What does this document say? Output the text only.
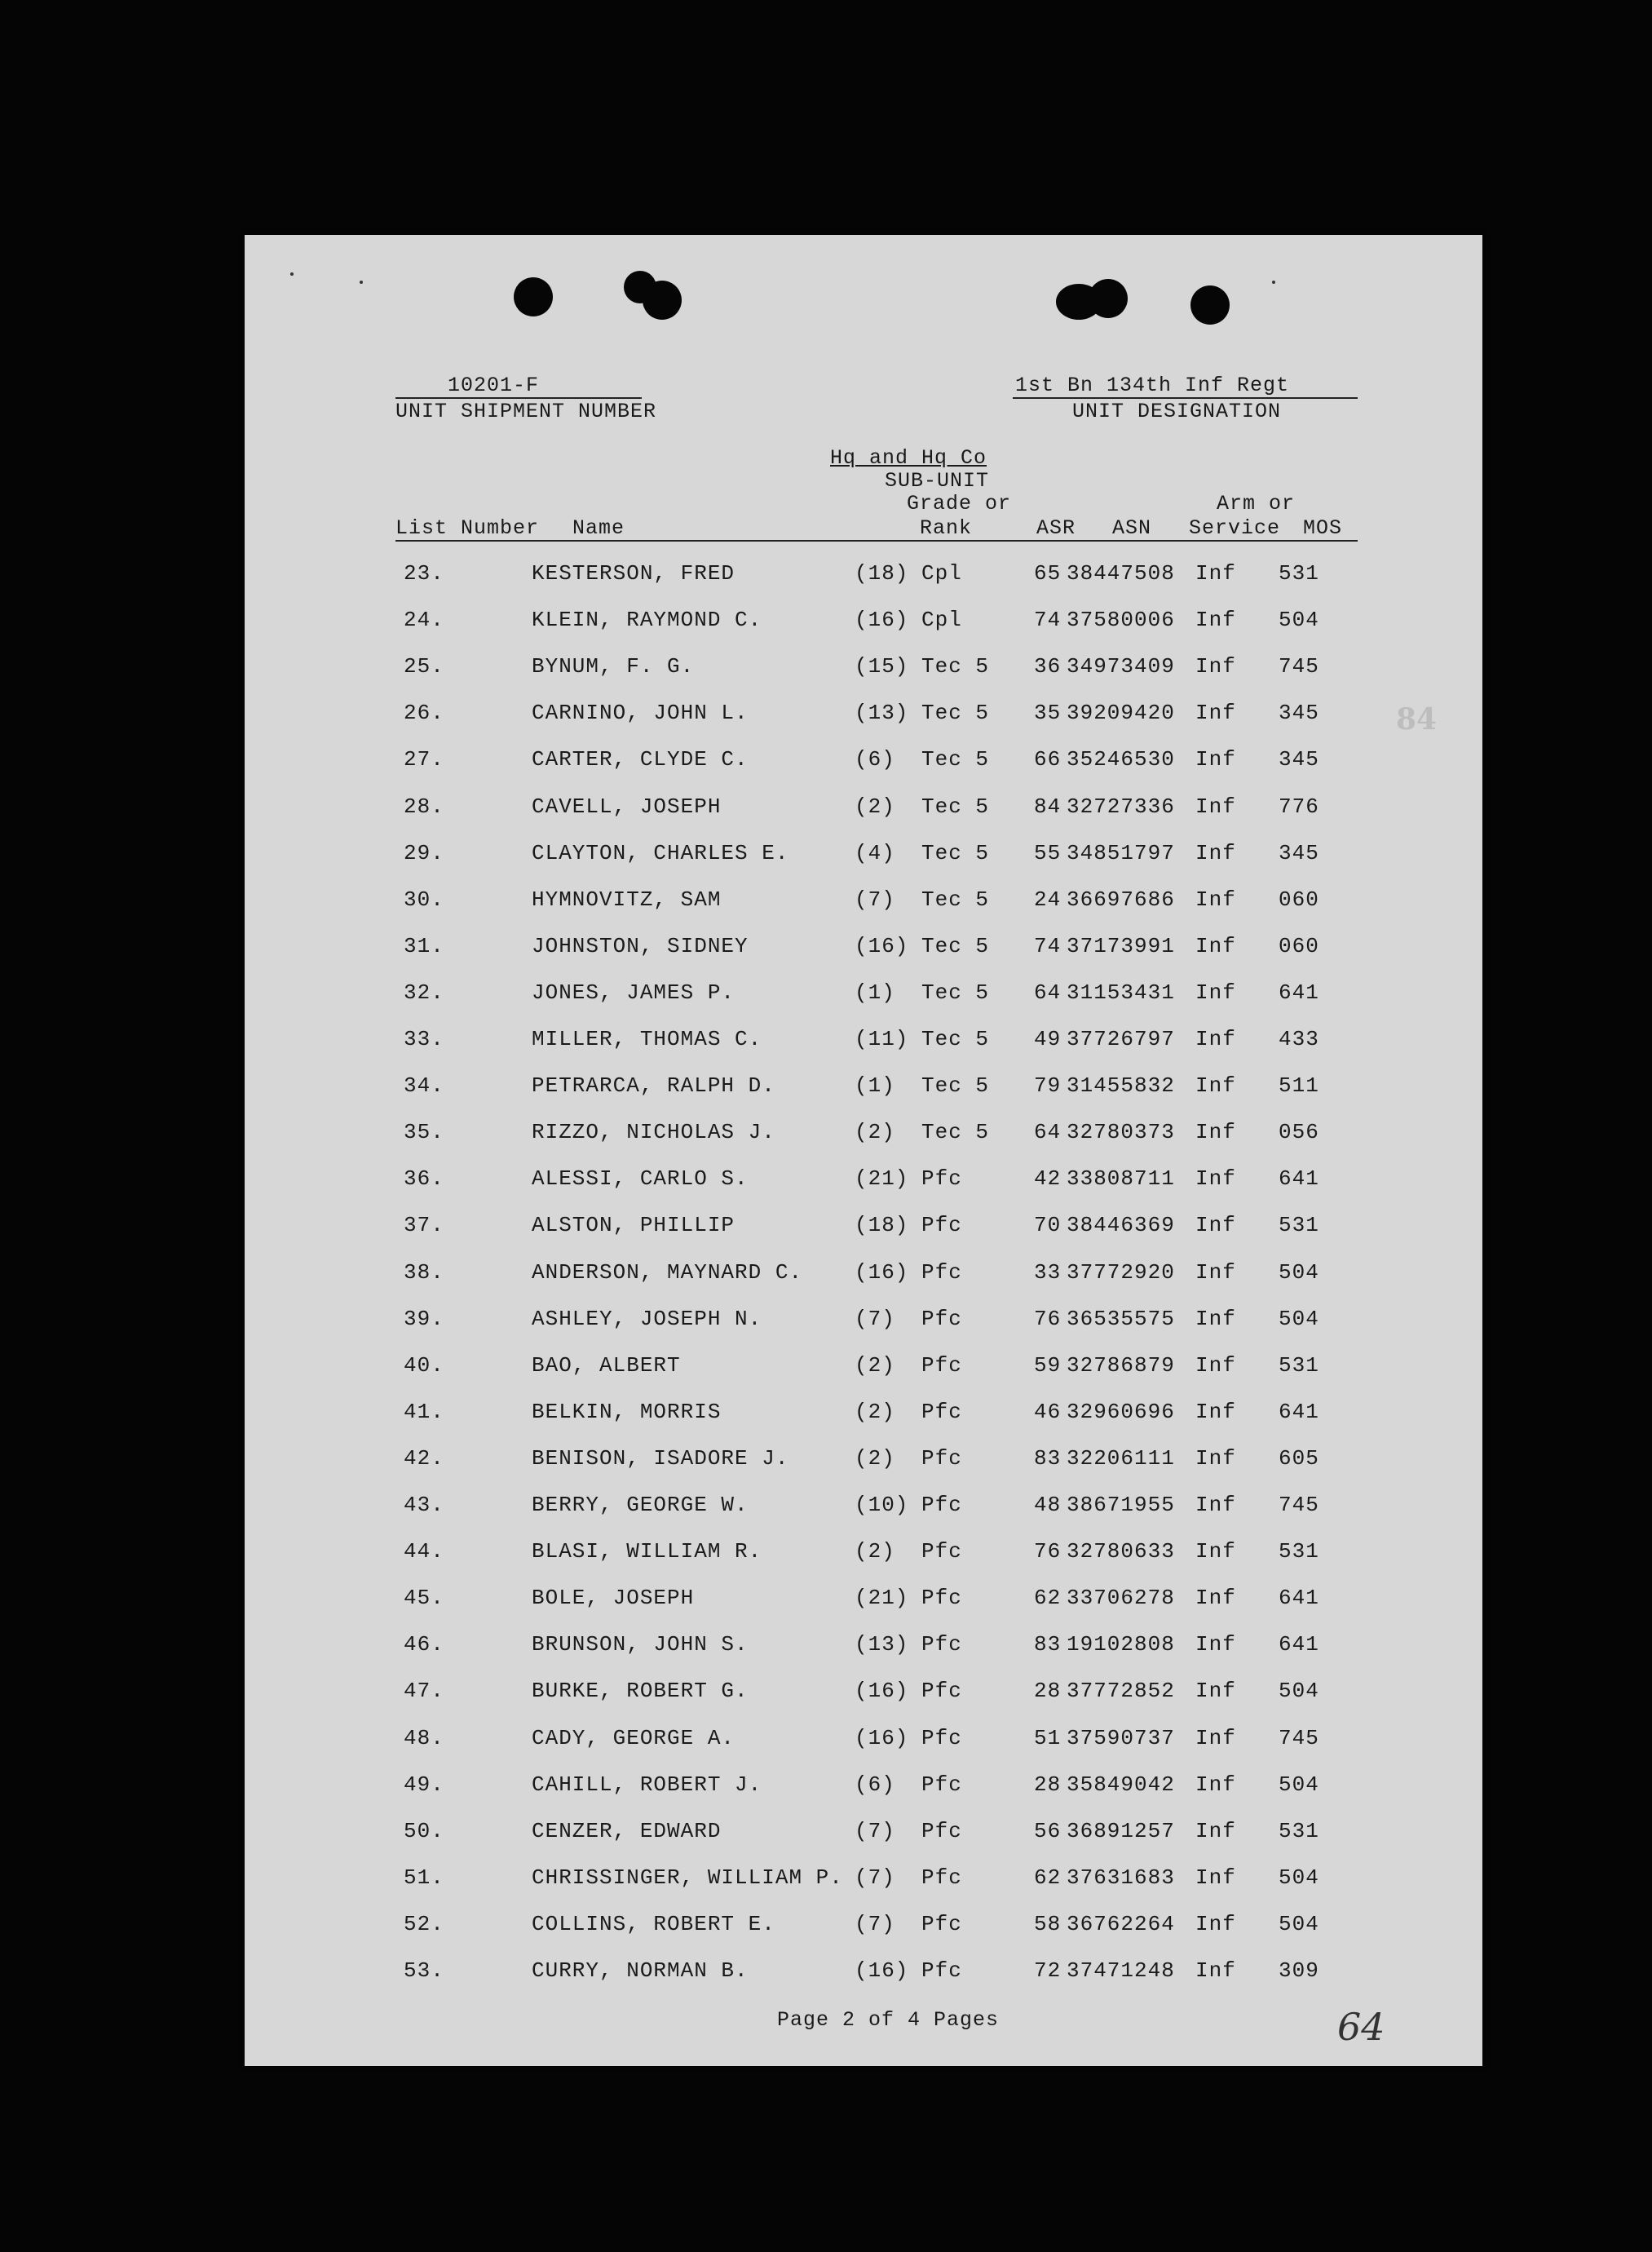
10201-F
UNIT SHIPMENT NUMBER
1st Bn 134th Inf Regt
UNIT DESIGNATION
Hq and Hq Co
SUB-UNIT
Grade or	Arm or
List Number Name	Rank	ASR ASN Service MOS
23.	KESTERSON, FRED	(18) Cpl	65 38447508 Inf 531
24.	KLEIN, RAYMOND C.	(16) Cpl	74 37580006 Inf 504
25.	BYNUM, F. G.	(15) Tec 5 36 34973409 Inf 745
26.	CARNINO, JOHN L.	(13) Tec 5 35 39209420 Inf 345
27.	CARTER, CLYDE C.	(6) Tec 5 66 35246530 Inf 345
28.	CAVELL, JOSEPH	(2) Tec 5 84 32727336 Inf 776
29.	CLAYTON, CHARLES E.	(4) Tec 5 55 34851797 Inf 345
30.	HYMNOVITZ, SAM	(7) Tec 5 24 36697686 Inf 060
31.	JOHNSTON, SIDNEY	(16) Tec 5 74 37173991 Inf 060
32.	JONES, JAMES P.	(1) Tec 5 64 31153431 Inf 641
33.	MILLER, THOMAS C.	(11) Tec 5 49 37726797 Inf 433
34.	PETRARCA, RALPH D.	(1) Tec 5 79 31455832 Inf 511
35.	RIZZO, NICHOLAS J.	(2) Tec 5 64 32780373 Inf 056
36.	ALESSI, CARLO S.	(21) Pfc	42 33808711 Inf 641
37.	ALSTON, PHILLIP	(18) Pfc	70 38446369 Inf 531
38.	ANDERSON, MAYNARD C. (16) Pfc	33 37772920 Inf 504
39.	ASHLEY, JOSEPH N.	(7) Pfc	76 36535575 Inf 504
40.	BAO, ALBERT	(2) Pfc	59 32786879 Inf 531
41.	BELKIN, MORRIS	(2) Pfc	46 32960696 Inf 641
42.	BENISON, ISADORE J.	(2) Pfc	83 32206111 Inf 605
43.	BERRY, GEORGE W.	(10) Pfc	48 38671955 Inf 745
44.	BLASI, WILLIAM R.	(2) Pfc	76 32780633 Inf 531
45.	BOLE, JOSEPH	(21) Pfc	62 33706278 Inf 641
46.	BRUNSON, JOHN S.	(13) Pfc	83 19102808 Inf 641
47.	BURKE, ROBERT G.	(16) Pfc	28 37772852 Inf 504
48.	CADY, GEORGE A.	(16) Pfc	51 37590737 Inf 745
49.	CAHILL, ROBERT J.	(6) Pfc	28 35849042 Inf 504
50.	CENZER, EDWARD	(7) Pfc	56 36891257 Inf 531
51.	CHRISSINGER, WILLIAM P. (7) Pfc	62 37631683 Inf 504
52.	COLLINS, ROBERT E.	(7) Pfc	58 36762264 Inf 504
53.	CURRY, NORMAN B.	(16) Pfc	72 37471248 Inf 309
84
64
Page 2 of 4 Pages
